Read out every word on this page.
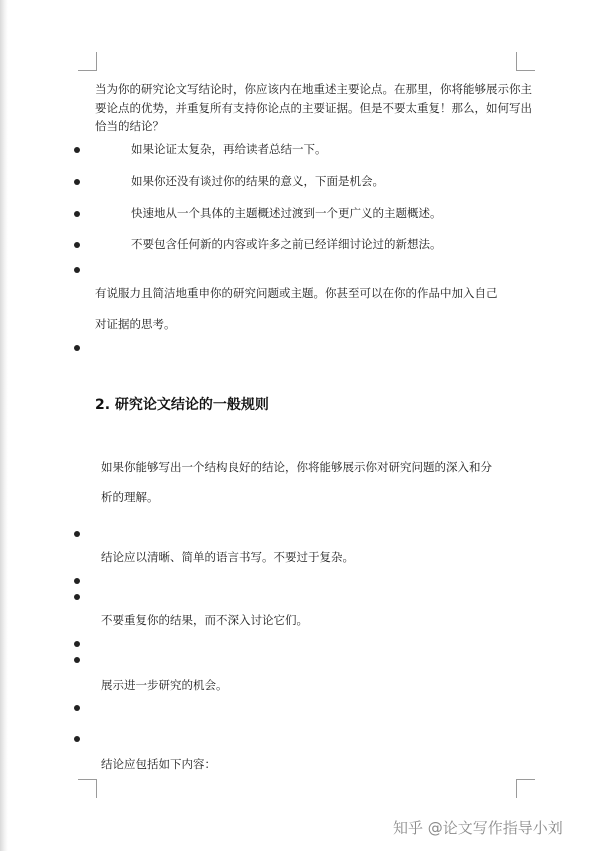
当为你的研究论文写结论时，你应该内在地重述主要论点。在那里，你将能够展示你主
要论点的优势，并重复所有支持你论点的主要证据。但是不要太重复！那么，如何写出
恰当的结论？
如果论证太复杂，再给读者总结一下。
如果你还没有谈过你的结果的意义，下面是机会。
快速地从一个具体的主题概述过渡到一个更广义的主题概述。
不要包含任何新的内容或许多之前已经详细讨论过的新想法。
有说服力且简洁地重申你的研究问题或主题。你甚至可以在你的作品中加入自己
对证据的思考。
2. 研究论文结论的一般规则
如果你能够写出一个结构良好的结论，你将能够展示你对研究问题的深入和分
析的理解。
结论应以清晰、简单的语言书写。不要过于复杂。
不要重复你的结果，而不深入讨论它们。
展示进一步研究的机会。
结论应包括如下内容：
知乎 @论文写作指导小刘
